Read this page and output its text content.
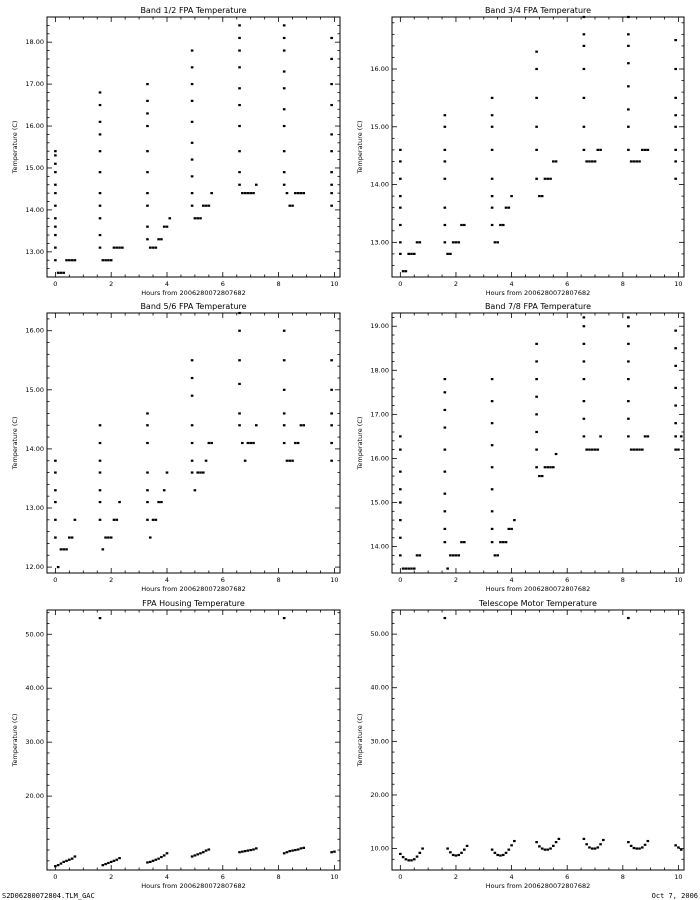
Band 1/2 FPA Temperature
Hours from 2006280072807682
Temperature (C)
0	2	4	6	8	10
13.00
14.00
15.00
16.00
17.00
18.00
Band 3/4 FPA Temperature
Hours from 2006280072807682
Temperature (C)
0	2	4	6	8	10
13.00
14.00
15.00
16.00
Band 5/6 FPA Temperature
Hours from 2006280072807682
Temperature (C)
0	2	4	6	8	10
12.00
13.00
14.00
15.00
16.00
Band 7/8 FPA Temperature
Hours from 2006280072807682
Temperature (C)
0	2	4	6	8	10
14.00
15.00
16.00
17.00
18.00
19.00
FPA Housing Temperature
Hours from 2006280072807682
Temperature (C)
0	2	4	6	8	10
20.00
30.00
40.00
50.00
Telescope Motor Temperature
Hours from 2006280072807682
Temperature (C)
0	2	4	6	8	10
10.00
20.00
30.00
40.00
50.00
S2D06280072804.TLM_GAC	Oct 7, 2006
